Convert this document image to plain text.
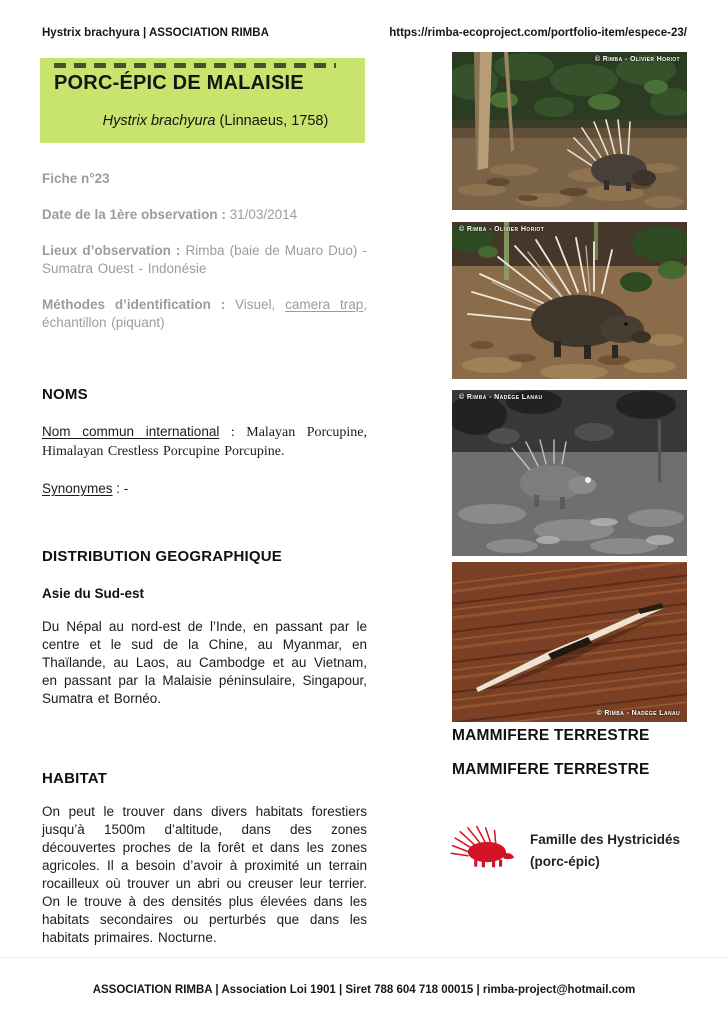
Hystrix brachyura | ASSOCIATION RIMBA	https://rimba-ecoproject.com/portfolio-item/espece-23/
PORC-ÉPIC DE MALAISIE
Hystrix brachyura (Linnaeus, 1758)

Fiche n°23

Date de la 1ère observation : 31/03/2014

Lieux d’observation : Rimba (baie de Muaro Duo) - Sumatra Ouest - Indonésie

Méthodes d’identification : Visuel, camera trap, échantillon (piquant)

NOMS

Nom commun international : Malayan Porcupine, Himalayan Crestless Porcupine Porcupine.

Synonymes : -

DISTRIBUTION GEOGRAPHIQUE
Asie du Sud-est

Du Népal au nord-est de l’Inde, en passant par le centre et le sud de la Chine, au Myanmar, en Thaïlande, au Laos, au Cambodge et au Vietnam, en passant par la Malaisie péninsulaire, Singapour, Sumatra et Bornéo.

HABITAT

On peut le trouver dans divers habitats forestiers jusqu’à 1500m d’altitude, dans des zones découvertes proches de la forêt et dans les zones agricoles. Il a besoin d’avoir à proximité un terrain rocailleux où trouver un abri ou creuser leur terrier. On le trouve à des densités plus élevées dans les habitats secondaires ou perturbés que dans les habitats primaires. Nocturne.

© Rimba - Olivier Horiot
© Rimba - Olivier Horiot
© Rimba - Nadège Lanau
© Rimba - Nadège Lanau

MAMMIFERE TERRESTRE

MAMMIFERE TERRESTRE

Famille des Hystricidés
(porc-épic)
ASSOCIATION RIMBA | Association Loi 1901 | Siret 788 604 718 00015 | rimba-project@hotmail.com
